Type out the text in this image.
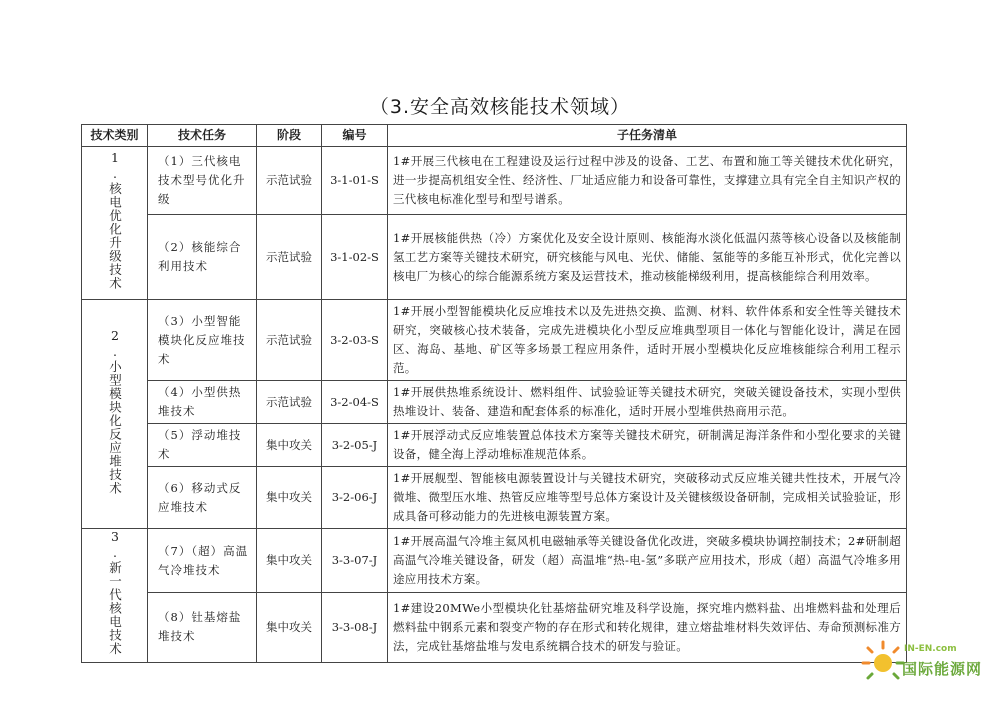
（3.安全高效核能技术领域）
技术类别	技术任务	阶段	编号	子任务清单
1.核电优化升级技术	（1）三代核电技术型号优化升级	示范试验	3-1-01-S	1#开展三代核电在工程建设及运行过程中涉及的设备、工艺、布置和施工等关键技术优化研究，进一步提高机组安全性、经济性、厂址适应能力和设备可靠性，支撑建立具有完全自主知识产权的三代核电标准化型号和型号谱系。
	（2）核能综合利用技术	示范试验	3-1-02-S	1#开展核能供热（冷）方案优化及安全设计原则、核能海水淡化低温闪蒸等核心设备以及核能制氢工艺方案等关键技术研究，研究核能与风电、光伏、储能、氢能等的多能互补形式，优化完善以核电厂为核心的综合能源系统方案及运营技术，推动核能梯级利用，提高核能综合利用效率。
2.小型模块化反应堆技术	（3）小型智能模块化反应堆技术	示范试验	3-2-03-S	1#开展小型智能模块化反应堆技术以及先进热交换、监测、材料、软件体系和安全性等关键技术研究，突破核心技术装备，完成先进模块化小型反应堆典型项目一体化与智能化设计，满足在园区、海岛、基地、矿区等多场景工程应用条件，适时开展小型模块化反应堆核能综合利用工程示范。
	（4）小型供热堆技术	示范试验	3-2-04-S	1#开展供热堆系统设计、燃料组件、试验验证等关键技术研究，突破关键设备技术，实现小型供热堆设计、装备、建造和配套体系的标准化，适时开展小型堆供热商用示范。
	（5）浮动堆技术	集中攻关	3-2-05-J	1#开展浮动式反应堆装置总体技术方案等关键技术研究，研制满足海洋条件和小型化要求的关键设备，健全海上浮动堆标准规范体系。
	（6）移动式反应堆技术	集中攻关	3-2-06-J	1#开展舰型、智能核电源装置设计与关键技术研究，突破移动式反应堆关键共性技术，开展气冷微堆、微型压水堆、热管反应堆等型号总体方案设计及关键核级设备研制，完成相关试验验证，形成具备可移动能力的先进核电源装置方案。
3.新一代核电技术	（7）（超）高温气冷堆技术	集中攻关	3-3-07-J	1#开展高温气冷堆主氦风机电磁轴承等关键设备优化改进，突破多模块协调控制技术；2#研制超高温气冷堆关键设备，研发（超）高温堆“热-电-氢”多联产应用技术，形成（超）高温气冷堆多用途应用技术方案。
	（8）钍基熔盐堆技术	集中攻关	3-3-08-J	1#建设20MWe小型模块化钍基熔盐研究堆及科学设施，探究堆内燃料盐、出堆燃料盐和处理后燃料盐中钢系元素和裂变产物的存在形式和转化规律，建立熔盐堆材料失效评估、寿命预测标准方法，完成钍基熔盐堆与发电系统耦合技术的研发与验证。	IN-EN.com
国际能源网
